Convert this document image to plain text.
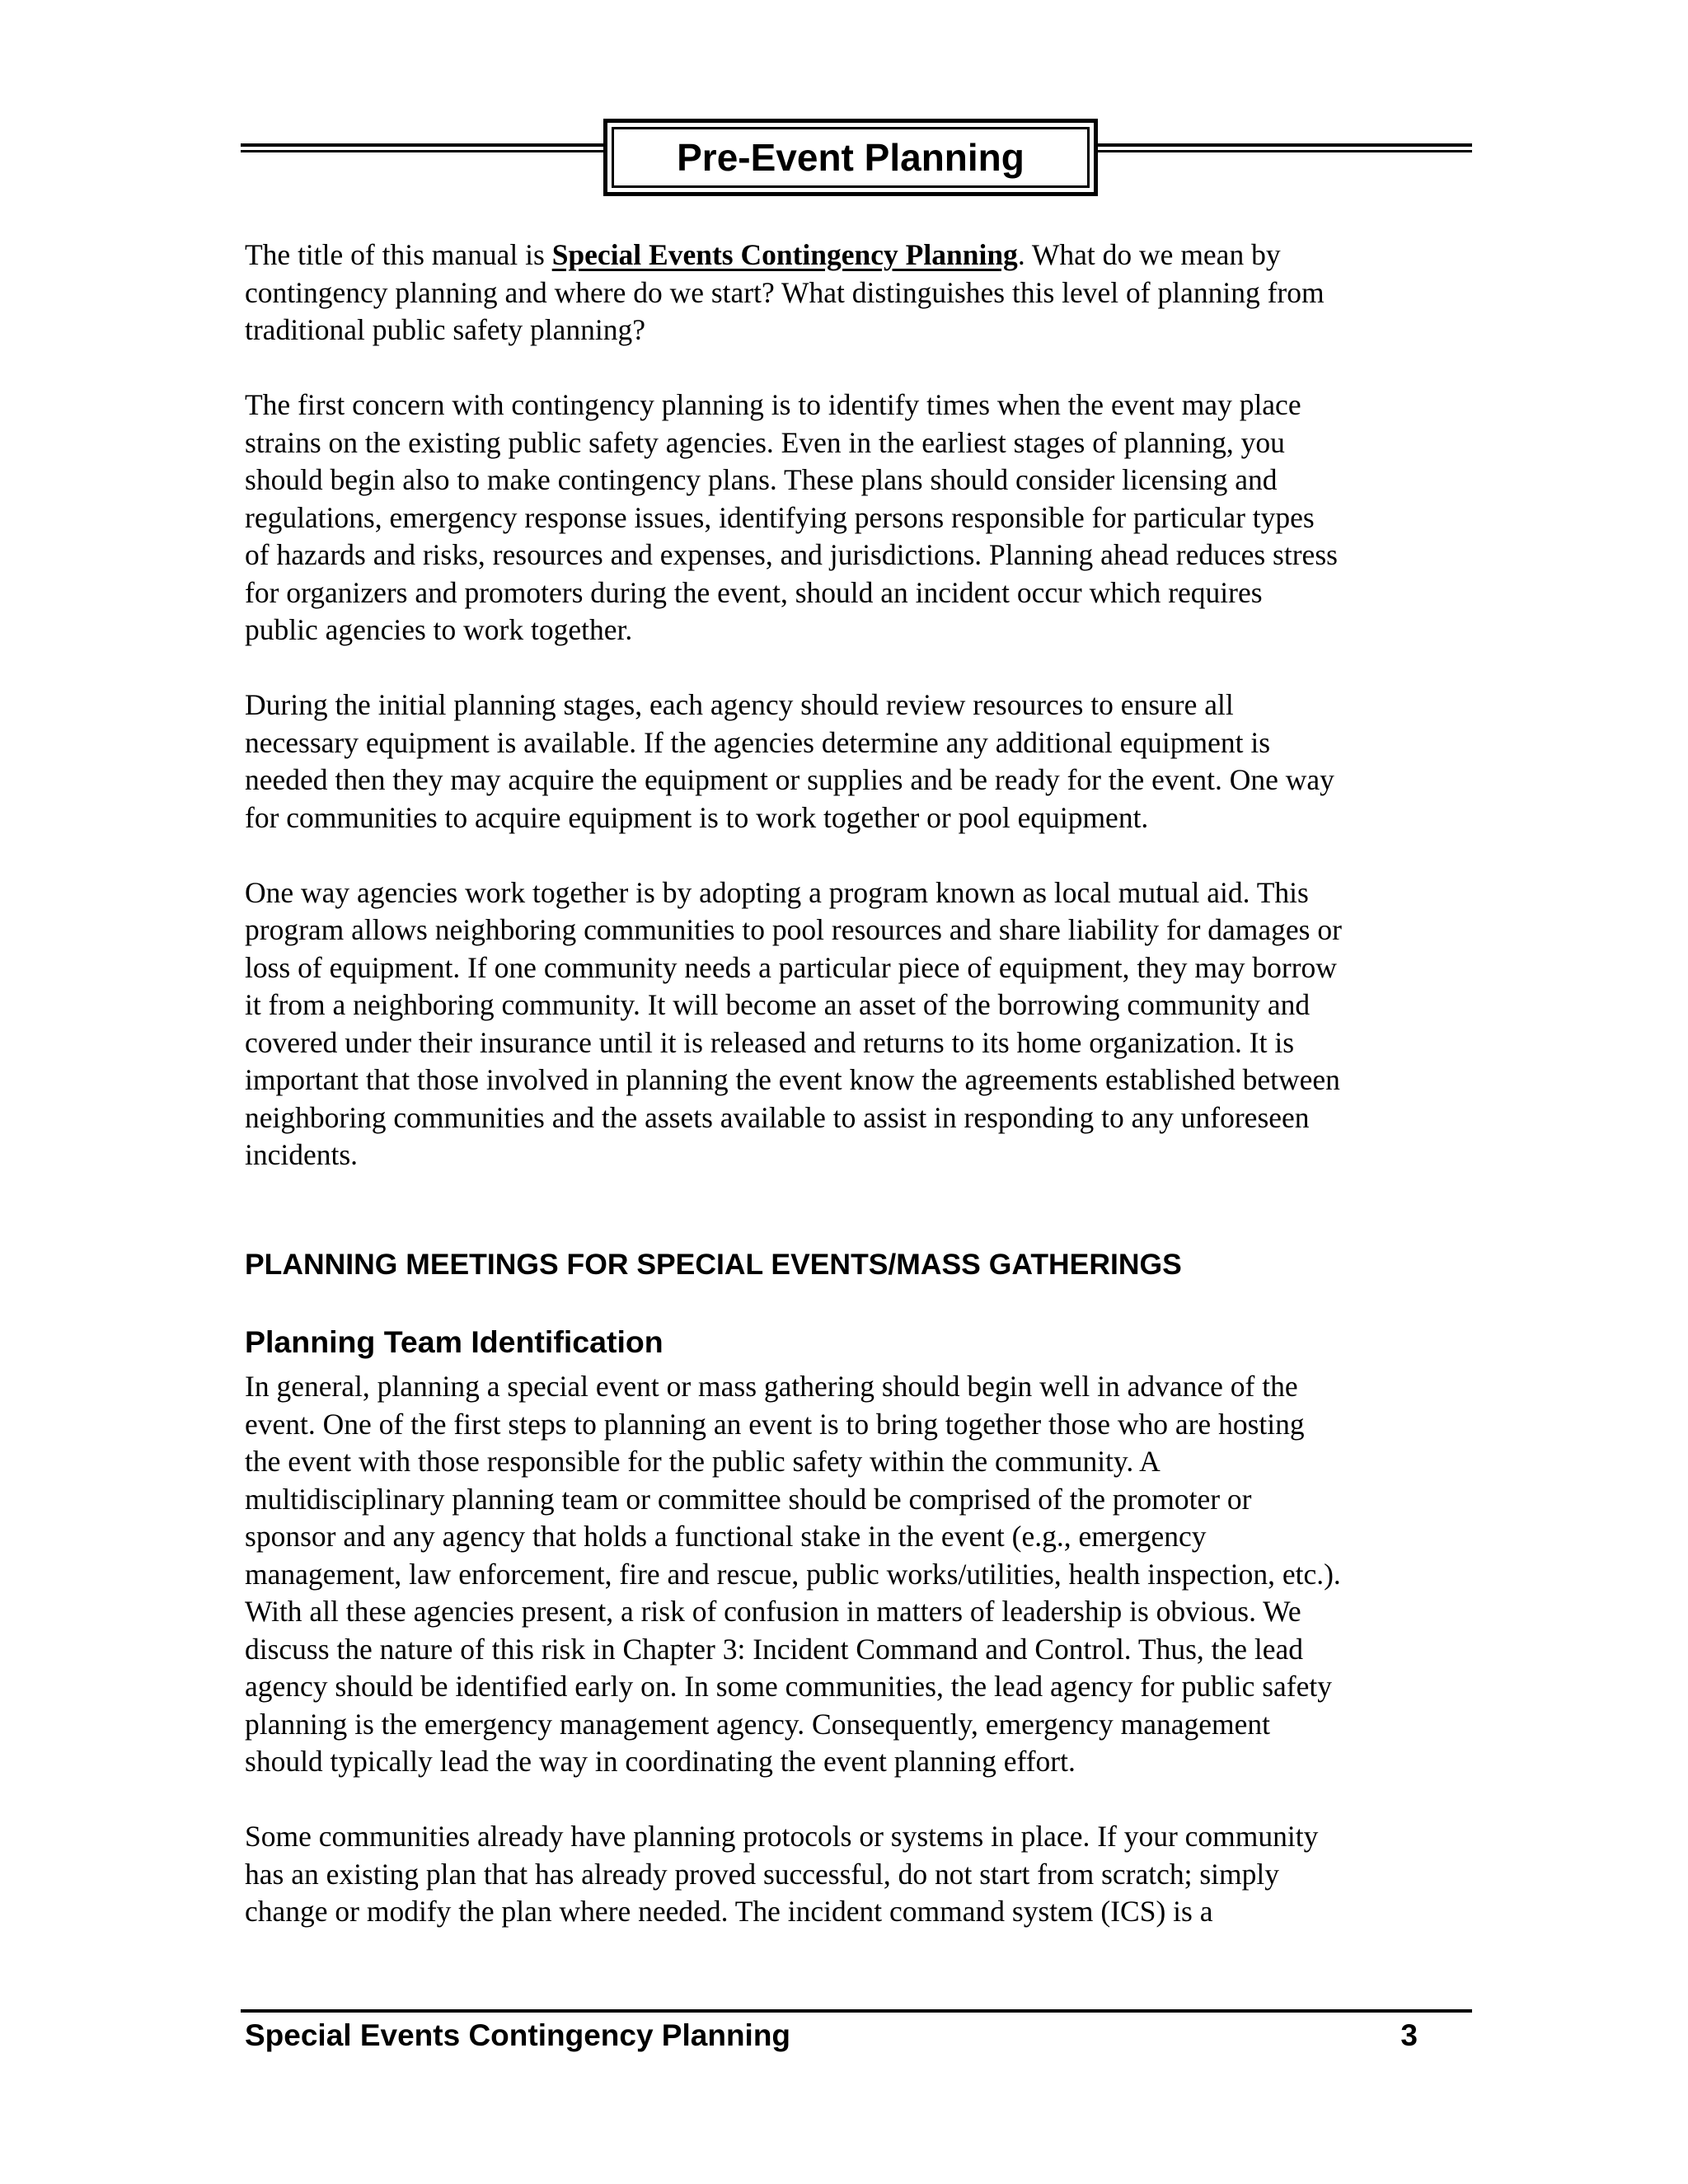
Pre-Event Planning

The title of this manual is Special Events Contingency Planning. What do we mean by
contingency planning and where do we start? What distinguishes this level of planning from
traditional public safety planning?

The first concern with contingency planning is to identify times when the event may place
strains on the existing public safety agencies. Even in the earliest stages of planning, you
should begin also to make contingency plans. These plans should consider licensing and
regulations, emergency response issues, identifying persons responsible for particular types
of hazards and risks, resources and expenses, and jurisdictions. Planning ahead reduces stress
for organizers and promoters during the event, should an incident occur which requires
public agencies to work together.

During the initial planning stages, each agency should review resources to ensure all
necessary equipment is available. If the agencies determine any additional equipment is
needed then they may acquire the equipment or supplies and be ready for the event. One way
for communities to acquire equipment is to work together or pool equipment.

One way agencies work together is by adopting a program known as local mutual aid. This
program allows neighboring communities to pool resources and share liability for damages or
loss of equipment. If one community needs a particular piece of equipment, they may borrow
it from a neighboring community. It will become an asset of the borrowing community and
covered under their insurance until it is released and returns to its home organization. It is
important that those involved in planning the event know the agreements established between
neighboring communities and the assets available to assist in responding to any unforeseen
incidents.

PLANNING MEETINGS FOR SPECIAL EVENTS/MASS GATHERINGS
Planning Team Identification

In general, planning a special event or mass gathering should begin well in advance of the
event. One of the first steps to planning an event is to bring together those who are hosting
the event with those responsible for the public safety within the community. A
multidisciplinary planning team or committee should be comprised of the promoter or
sponsor and any agency that holds a functional stake in the event (e.g., emergency
management, law enforcement, fire and rescue, public works/utilities, health inspection, etc.).
With all these agencies present, a risk of confusion in matters of leadership is obvious. We
discuss the nature of this risk in Chapter 3: Incident Command and Control. Thus, the lead
agency should be identified early on. In some communities, the lead agency for public safety
planning is the emergency management agency. Consequently, emergency management
should typically lead the way in coordinating the event planning effort.

Some communities already have planning protocols or systems in place. If your community
has an existing plan that has already proved successful, do not start from scratch; simply
change or modify the plan where needed. The incident command system (ICS) is a

Special Events Contingency Planning	3
